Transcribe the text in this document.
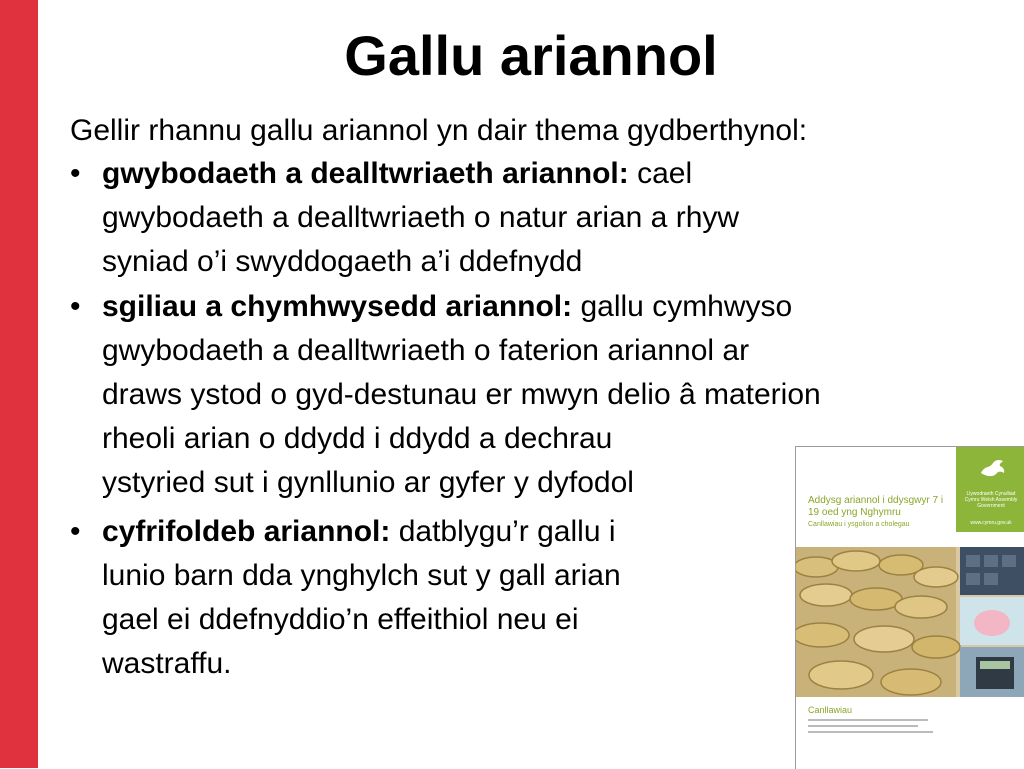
Gallu ariannol
Gellir rhannu gallu ariannol yn dair thema gydberthynol:
• gwybodaeth a dealltwriaeth ariannol: cael
gwybodaeth a dealltwriaeth o natur arian a rhyw
syniad o’i swyddogaeth a’i ddefnydd
• sgiliau a chymhwysedd ariannol: gallu cymhwyso
gwybodaeth a dealltwriaeth o faterion ariannol ar
draws ystod o gyd-destunau er mwyn delio â materion
rheoli arian o ddydd i ddydd a dechrau
ystyried sut i gynllunio ar gyfer y dyfodol
• cyfrifoldeb ariannol: datblygu’r gallu i
lunio barn dda ynghylch sut y gall arian
gael ei ddefnyddio’n effeithiol neu ei
wastraffu.
Addysg ariannol i ddysgwyr 7 i 19 oed yng Nghymru
Canllawiau i ysgolion a cholegau
Llywodraeth Cynulliad Cymru Welsh Assembly Government
www.cymru.gov.uk
Canllawiau
